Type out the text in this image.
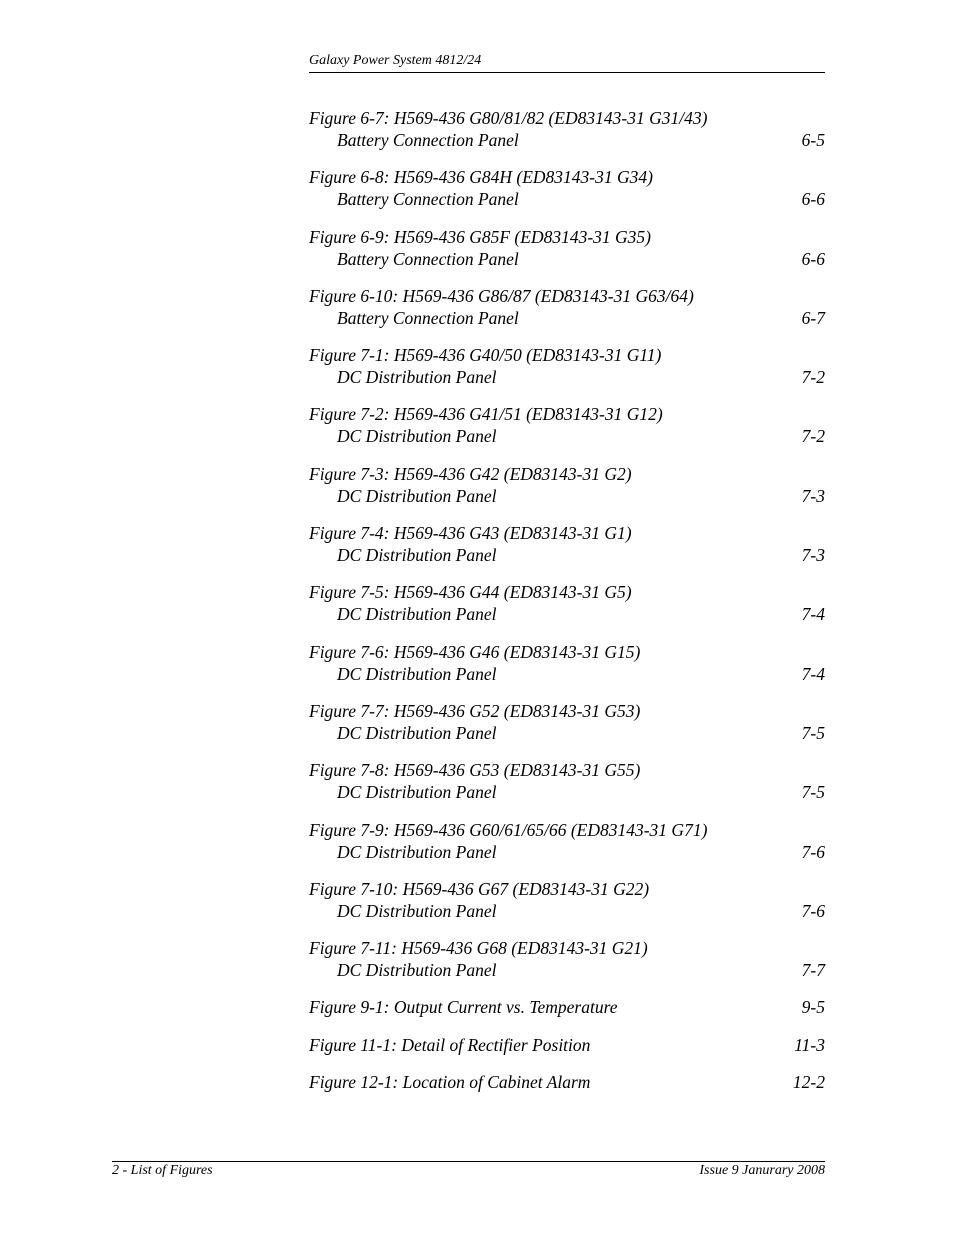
Galaxy Power System 4812/24
Figure 6-7: H569-436 G80/81/82 (ED83143-31 G31/43)
Battery Connection Panel	6-5
Figure 6-8: H569-436 G84H (ED83143-31 G34)
Battery Connection Panel	6-6
Figure 6-9: H569-436 G85F (ED83143-31 G35)
Battery Connection Panel	6-6
Figure 6-10: H569-436 G86/87 (ED83143-31 G63/64)
Battery Connection Panel	6-7
Figure 7-1: H569-436 G40/50 (ED83143-31 G11)
DC Distribution Panel	7-2
Figure 7-2: H569-436 G41/51 (ED83143-31 G12)
DC Distribution Panel	7-2
Figure 7-3: H569-436 G42 (ED83143-31 G2)
DC Distribution Panel	7-3
Figure 7-4: H569-436 G43 (ED83143-31 G1)
DC Distribution Panel	7-3
Figure 7-5: H569-436 G44 (ED83143-31 G5)
DC Distribution Panel	7-4
Figure 7-6: H569-436 G46 (ED83143-31 G15)
DC Distribution Panel	7-4
Figure 7-7: H569-436 G52 (ED83143-31 G53)
DC Distribution Panel	7-5
Figure 7-8: H569-436 G53 (ED83143-31 G55)
DC Distribution Panel	7-5
Figure 7-9: H569-436 G60/61/65/66 (ED83143-31 G71)
DC Distribution Panel	7-6
Figure 7-10: H569-436 G67 (ED83143-31 G22)
DC Distribution Panel	7-6
Figure 7-11: H569-436 G68 (ED83143-31 G21)
DC Distribution Panel	7-7
Figure 9-1: Output Current vs. Temperature	9-5
Figure 11-1: Detail of Rectifier Position	11-3
Figure 12-1: Location of Cabinet Alarm	12-2
2 - List of Figures	Issue 9 Janurary 2008
